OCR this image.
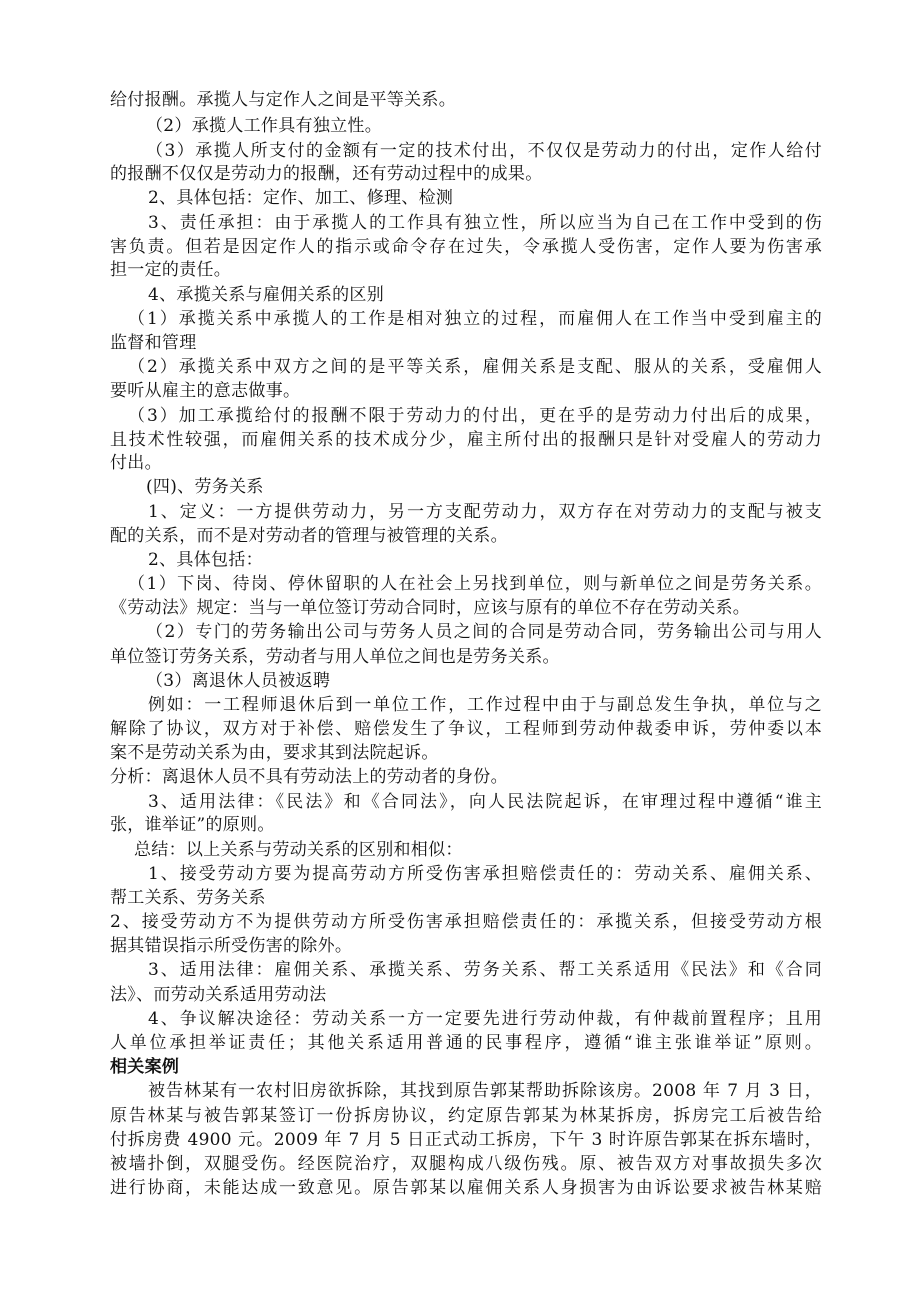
给付报酬。承揽人与定作人之间是平等关系。
（2）承揽人工作具有独立性。
（3）承揽人所支付的金额有一定的技术付出，不仅仅是劳动力的付出，定作人给付
的报酬不仅仅是劳动力的报酬，还有劳动过程中的成果。
2、具体包括：定作、加工、修理、检测
3、责任承担：由于承揽人的工作具有独立性，所以应当为自己在工作中受到的伤
害负责。但若是因定作人的指示或命令存在过失，令承揽人受伤害，定作人要为伤害承
担一定的责任。
4、承揽关系与雇佣关系的区别
（1）承揽关系中承揽人的工作是相对独立的过程，而雇佣人在工作当中受到雇主的
监督和管理
（2）承揽关系中双方之间的是平等关系，雇佣关系是支配、服从的关系，受雇佣人
要听从雇主的意志做事。
（3）加工承揽给付的报酬不限于劳动力的付出，更在乎的是劳动力付出后的成果，
且技术性较强，而雇佣关系的技术成分少，雇主所付出的报酬只是针对受雇人的劳动力
付出。
(四)、劳务关系
1、定义：一方提供劳动力，另一方支配劳动力，双方存在对劳动力的支配与被支
配的关系，而不是对劳动者的管理与被管理的关系。
2、具体包括：
（1）下岗、待岗、停休留职的人在社会上另找到单位，则与新单位之间是劳务关系。
《劳动法》规定：当与一单位签订劳动合同时，应该与原有的单位不存在劳动关系。
（2）专门的劳务输出公司与劳务人员之间的合同是劳动合同，劳务输出公司与用人
单位签订劳务关系，劳动者与用人单位之间也是劳务关系。
（3）离退休人员被返聘
例如：一工程师退休后到一单位工作，工作过程中由于与副总发生争执，单位与之
解除了协议，双方对于补偿、赔偿发生了争议，工程师到劳动仲裁委申诉，劳仲委以本
案不是劳动关系为由，要求其到法院起诉。
分析：离退休人员不具有劳动法上的劳动者的身份。
3、适用法律：《民法》和《合同法》，向人民法院起诉，在审理过程中遵循“谁主
张，谁举证”的原则。
总结：以上关系与劳动关系的区别和相似：
1、接受劳动方要为提高劳动方所受伤害承担赔偿责任的：劳动关系、雇佣关系、
帮工关系、劳务关系
2、接受劳动方不为提供劳动方所受伤害承担赔偿责任的：承揽关系，但接受劳动方根
据其错误指示所受伤害的除外。
3、适用法律：雇佣关系、承揽关系、劳务关系、帮工关系适用《民法》和《合同
法》、而劳动关系适用劳动法
4、争议解决途径：劳动关系一方一定要先进行劳动仲裁，有仲裁前置程序；且用
人单位承担举证责任；其他关系适用普通的民事程序，遵循“谁主张谁举证”原则。
相关案例
被告林某有一农村旧房欲拆除，其找到原告郭某帮助拆除该房。2008 年 7 月 3 日，
原告林某与被告郭某签订一份拆房协议，约定原告郭某为林某拆房，拆房完工后被告给
付拆房费 4900 元。2009 年 7 月 5 日正式动工拆房，下午 3 时许原告郭某在拆东墙时，
被墙扑倒，双腿受伤。经医院治疗，双腿构成八级伤残。原、被告双方对事故损失多次
进行协商，未能达成一致意见。原告郭某以雇佣关系人身损害为由诉讼要求被告林某赔
